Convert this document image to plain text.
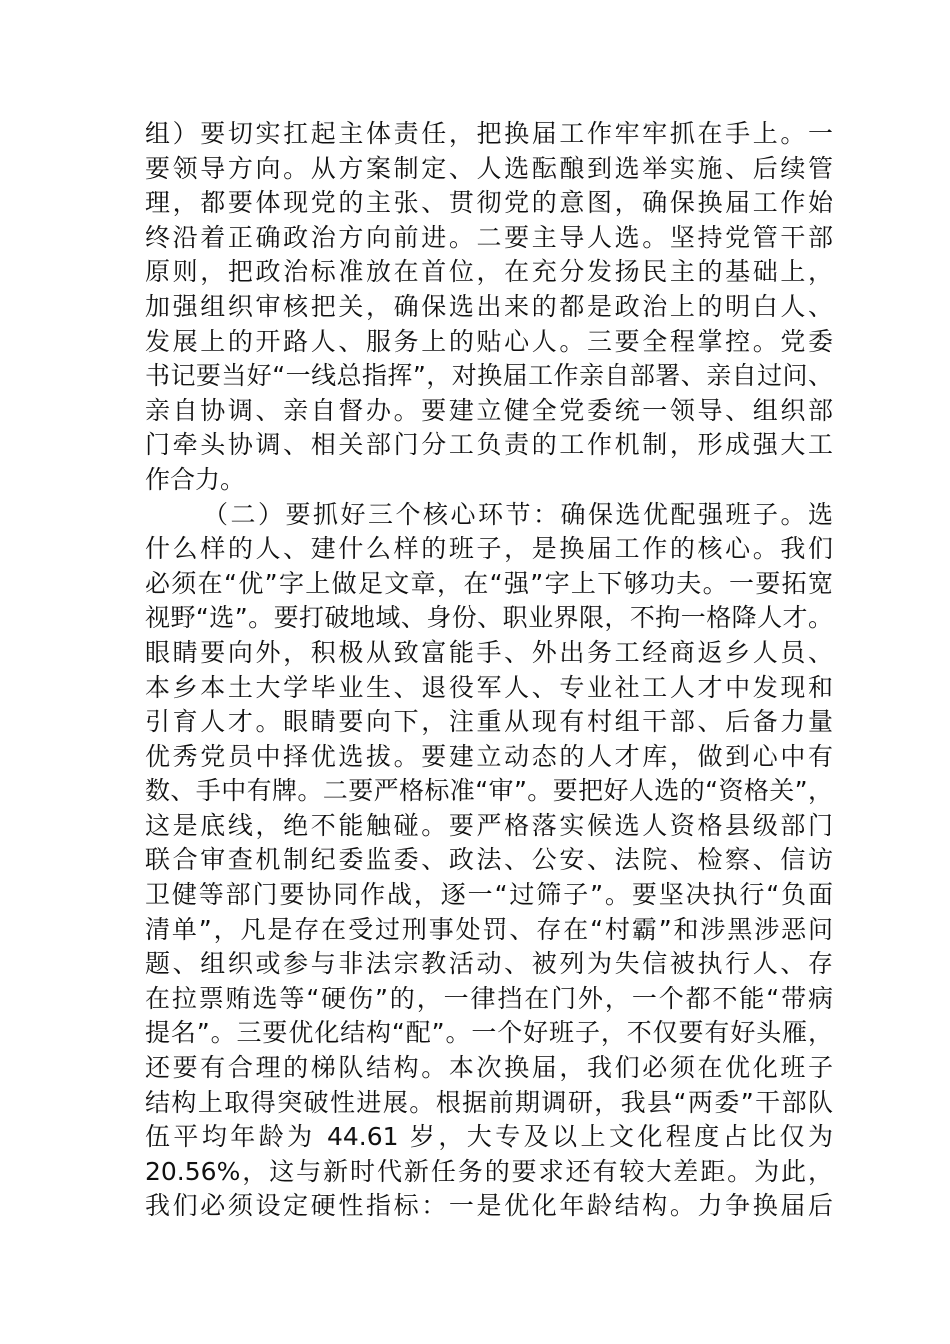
组）要切实扛起主体责任，把换届工作牢牢抓在手上。一
要领导方向。从方案制定、人选酝酿到选举实施、后续管
理，都要体现党的主张、贯彻党的意图，确保换届工作始
终沿着正确政治方向前进。二要主导人选。坚持党管干部
原则，把政治标准放在首位，在充分发扬民主的基础上，
加强组织审核把关，确保选出来的都是政治上的明白人、
发展上的开路人、服务上的贴心人。三要全程掌控。党委
书记要当好“一线总指挥”，对换届工作亲自部署、亲自过问、
亲自协调、亲自督办。要建立健全党委统一领导、组织部
门牵头协调、相关部门分工负责的工作机制，形成强大工
作合力。
（二）要抓好三个核心环节：确保选优配强班子。选
什么样的人、建什么样的班子，是换届工作的核心。我们
必须在“优”字上做足文章，在“强”字上下够功夫。一要拓宽
视野“选”。要打破地域、身份、职业界限，不拘一格降人才。
眼睛要向外，积极从致富能手、外出务工经商返乡人员、
本乡本土大学毕业生、退役军人、专业社工人才中发现和
引育人才。眼睛要向下，注重从现有村组干部、后备力量
优秀党员中择优选拔。要建立动态的人才库，做到心中有
数、手中有牌。二要严格标准“审”。要把好人选的“资格关”，
这是底线，绝不能触碰。要严格落实候选人资格县级部门
联合审查机制纪委监委、政法、公安、法院、检察、信访
卫健等部门要协同作战，逐一“过筛子”。要坚决执行“负面
清单”，凡是存在受过刑事处罚、存在“村霸”和涉黑涉恶问
题、组织或参与非法宗教活动、被列为失信被执行人、存
在拉票贿选等“硬伤”的，一律挡在门外，一个都不能“带病
提名”。三要优化结构“配”。一个好班子，不仅要有好头雁，
还要有合理的梯队结构。本次换届，我们必须在优化班子
结构上取得突破性进展。根据前期调研，我县“两委”干部队
伍平均年龄为 44.61 岁，大专及以上文化程度占比仅为
20.56%，这与新时代新任务的要求还有较大差距。为此，
我们必须设定硬性指标：一是优化年龄结构。力争换届后
